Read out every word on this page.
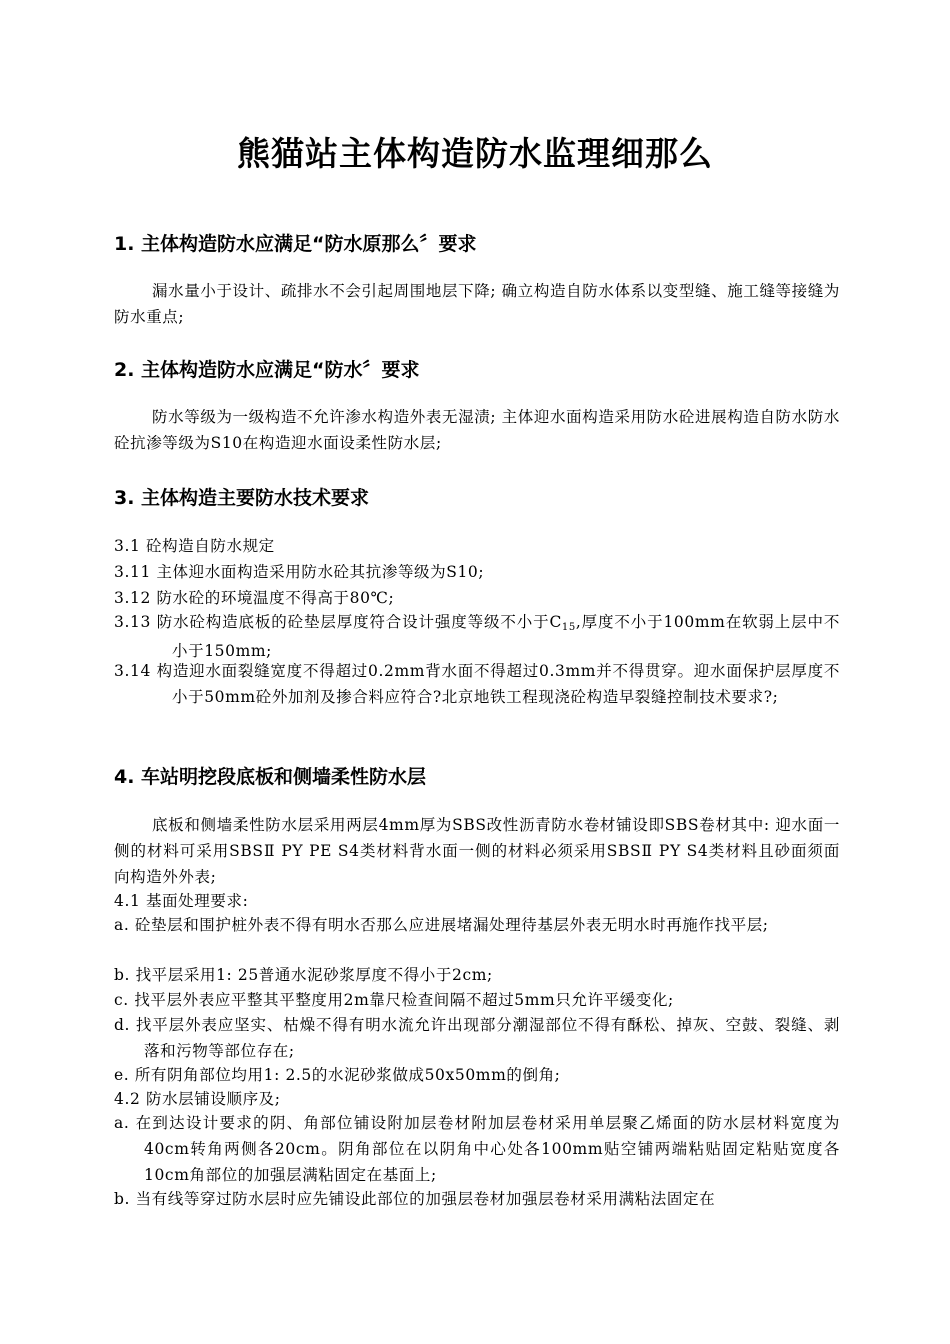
熊猫站主体构造防水监理细那么
1. 主体构造防水应满足“防水原那么〞要求
漏水量小于设计、疏排水不会引起周围地层下降; 确立构造自防水体系以变型缝、施工缝等接缝为防水重点;
2. 主体构造防水应满足“防水〞要求
防水等级为一级构造不允许渗水构造外表无湿渍; 主体迎水面构造采用防水砼进展构造自防水防水砼抗渗等级为S10在构造迎水面设柔性防水层;
3. 主体构造主要防水技术要求
3.1 砼构造自防水规定
3.11 主体迎水面构造采用防水砼其抗渗等级为S10;
3.12 防水砼的环境温度不得高于80℃;
3.13 防水砼构造底板的砼垫层厚度符合设计强度等级不小于$C_{15}$,厚度不小于100mm在软弱上层中不小于150mm;
3.14 构造迎水面裂缝宽度不得超过0.2mm背水面不得超过0.3mm并不得贯穿。迎水面保护层厚度不小于50mm砼外加剂及掺合料应符合?北京地铁工程现浇砼构造早裂缝控制技术要求?;
4. 车站明挖段底板和侧墙柔性防水层
底板和侧墙柔性防水层采用两层4mm厚为SBS改性沥青防水卷材铺设即SBS卷材其中: 迎水面一侧的材料可采用SBSⅡ PY PE S4类材料背水面一侧的材料必须采用SBSⅡ PY S4类材料且砂面须面向构造外外表;
4.1 基面处理要求:
a. 砼垫层和围护桩外表不得有明水否那么应进展堵漏处理待基层外表无明水时再施作找平层;
b. 找平层采用1: 25普通水泥砂浆厚度不得小于2cm;
c. 找平层外表应平整其平整度用2m靠尺检查间隔不超过5mm只允许平缓变化;
d. 找平层外表应坚实、枯燥不得有明水流允许出现部分潮湿部位不得有酥松、掉灰、空鼓、裂缝、剥落和污物等部位存在;
e. 所有阴角部位均用1: 2.5的水泥砂浆做成50x50mm的倒角;
4.2 防水层铺设顺序及;
a. 在到达设计要求的阴、角部位铺设附加层卷材附加层卷材采用单层聚乙烯面的防水层材料宽度为40cm转角两侧各20cm。阴角部位在以阴角中心处各100mm贴空铺两端粘贴固定粘贴宽度各10cm角部位的加强层满粘固定在基面上;
b. 当有线等穿过防水层时应先铺设此部位的加强层卷材加强层卷材采用满粘法固定在
